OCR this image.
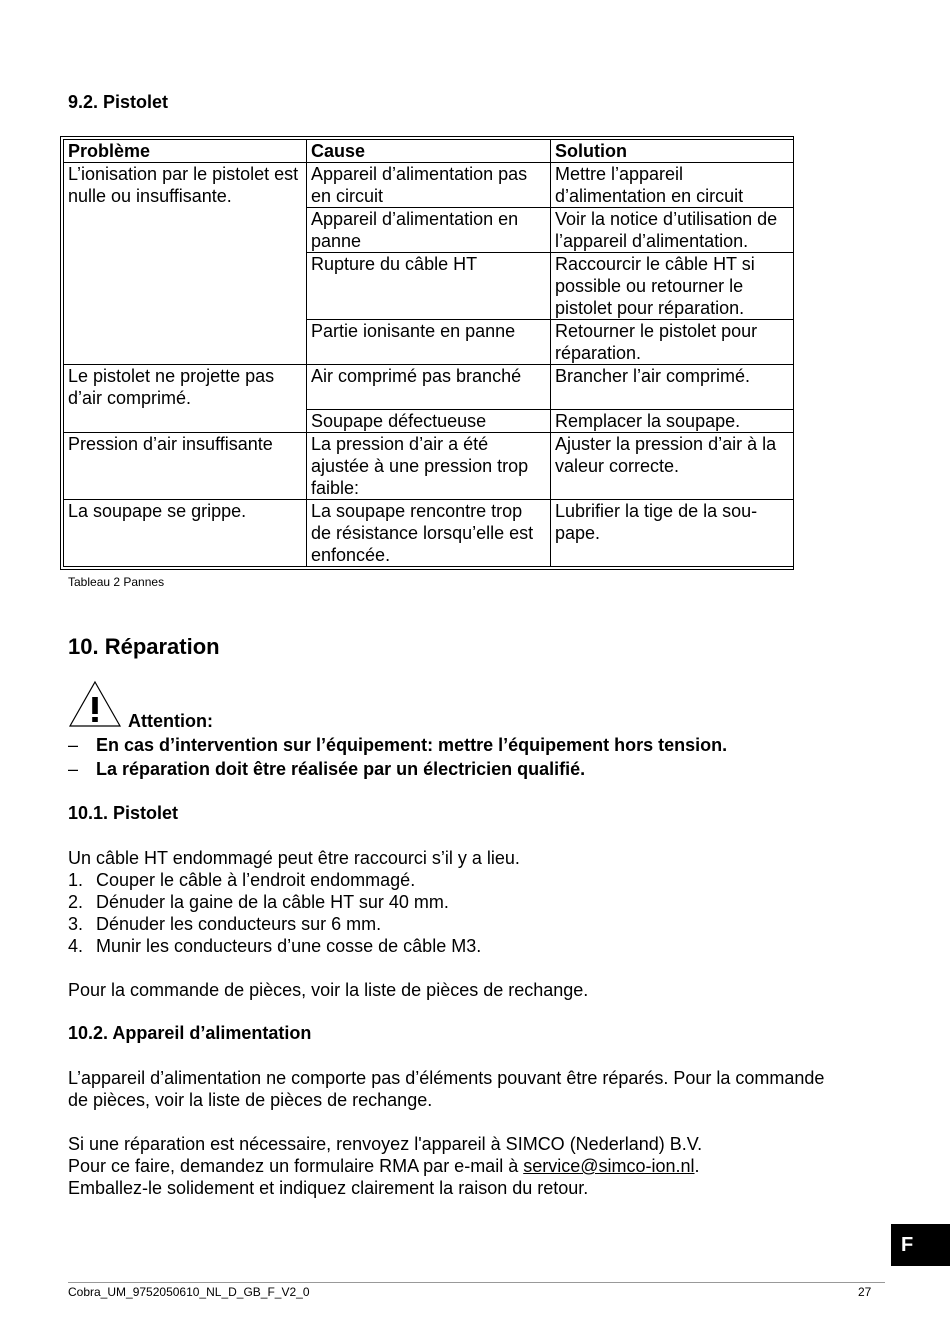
9.2. Pistolet
Problème	Cause	Solution
L’ionisation par le pistolet est nulle ou insuffisante.	Appareil d’alimentation pas en circuit	Mettre l’appareil d’alimentation en circuit
	Appareil d’alimentation en panne	Voir la notice d’utilisation de l’appareil d’alimentation.
	Rupture du câble HT	Raccourcir le câble HT si possible ou retourner le pistolet pour réparation.
	Partie ionisante en panne	Retourner le pistolet pour réparation.
Le pistolet ne projette pas d’air comprimé.	Air comprimé pas branché	Brancher l’air comprimé.
	Soupape défectueuse	Remplacer la soupape.
Pression d’air insuffisante	La pression d’air a été ajustée à une pression trop faible:	Ajuster la pression d’air à la valeur correcte.
La soupape se grippe.	La soupape rencontre trop de résistance lorsqu’elle est enfoncée.	Lubrifier la tige de la sou-pape.
Tableau 2 Pannes
10. Réparation
Attention:
– En cas d’intervention sur l’équipement: mettre l’équipement hors tension.
– La réparation doit être réalisée par un électricien qualifié.
10.1. Pistolet
Un câble HT endommagé peut être raccourci s’il y a lieu.
1. Couper le câble à l’endroit endommagé.
2. Dénuder la gaine de la câble HT sur 40 mm.
3. Dénuder les conducteurs sur 6 mm.
4. Munir les conducteurs d’une cosse de câble M3.
Pour la commande de pièces, voir la liste de pièces de rechange.
10.2. Appareil d’alimentation
L’appareil d’alimentation ne comporte pas d’éléments pouvant être réparés. Pour la commande
de pièces, voir la liste de pièces de rechange.
Si une réparation est nécessaire, renvoyez l'appareil à SIMCO (Nederland) B.V.
Pour ce faire, demandez un formulaire RMA par e-mail à service@simco-ion.nl.
Emballez-le solidement et indiquez clairement la raison du retour.
F
Cobra_UM_9752050610_NL_D_GB_F_V2_0	27
